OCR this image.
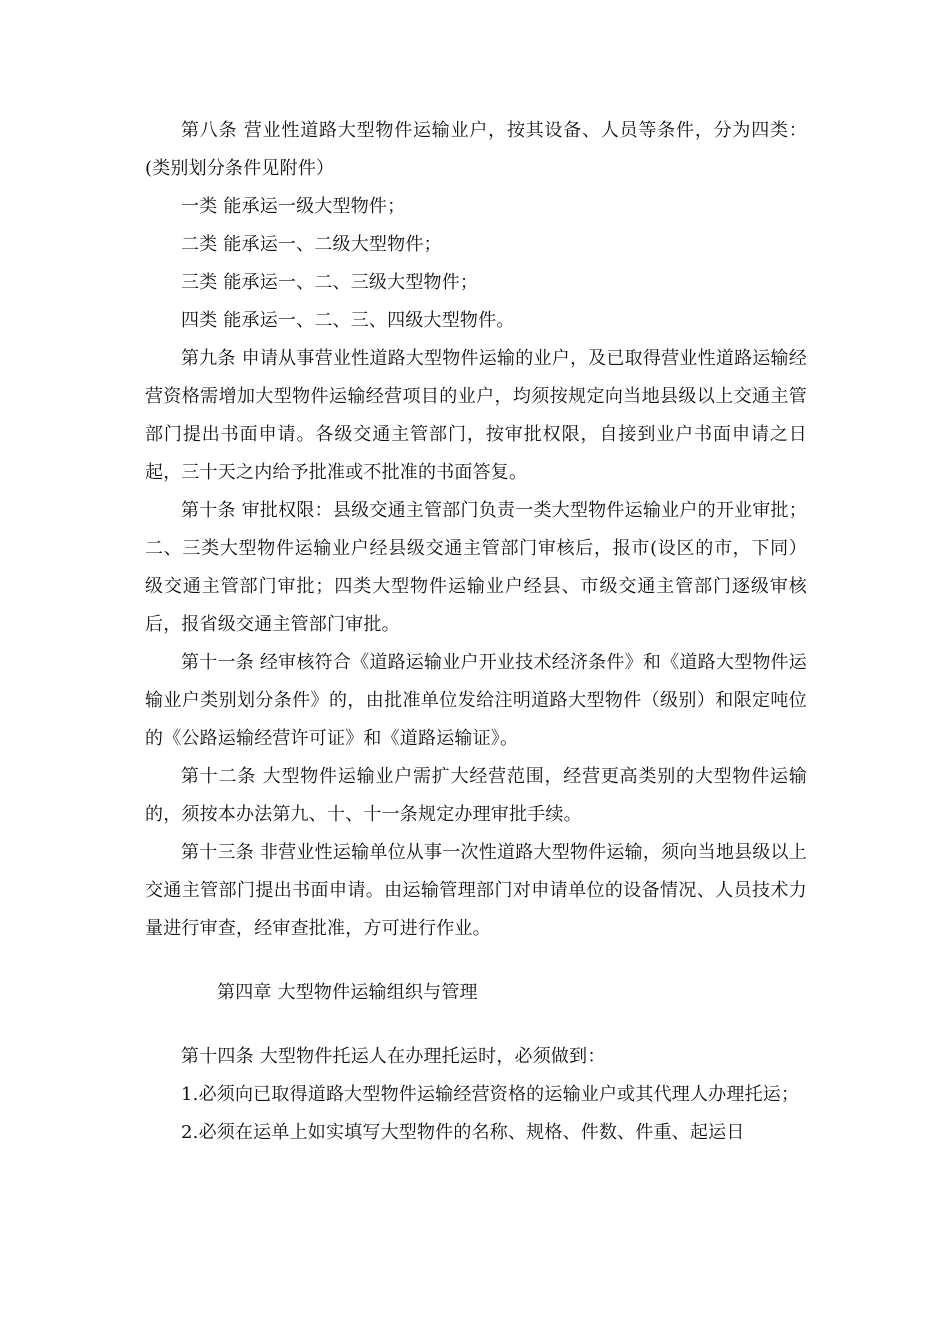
第八条 营业性道路大型物件运输业户，按其设备、人员等条件，分为四类：(类别划分条件见附件）

一类 能承运一级大型物件；

二类 能承运一、二级大型物件；

三类 能承运一、二、三级大型物件；

四类 能承运一、二、三、四级大型物件。

第九条 申请从事营业性道路大型物件运输的业户，及已取得营业性道路运输经营资格需增加大型物件运输经营项目的业户，均须按规定向当地县级以上交通主管部门提出书面申请。各级交通主管部门，按审批权限，自接到业户书面申请之日起，三十天之内给予批准或不批准的书面答复。

第十条 审批权限：县级交通主管部门负责一类大型物件运输业户的开业审批；二、三类大型物件运输业户经县级交通主管部门审核后，报市(设区的市，下同）级交通主管部门审批；四类大型物件运输业户经县、市级交通主管部门逐级审核后，报省级交通主管部门审批。

第十一条 经审核符合《道路运输业户开业技术经济条件》和《道路大型物件运输业户类别划分条件》的，由批准单位发给注明道路大型物件（级别）和限定吨位的《公路运输经营许可证》和《道路运输证》。

第十二条 大型物件运输业户需扩大经营范围，经营更高类别的大型物件运输的，须按本办法第九、十、十一条规定办理审批手续。

第十三条 非营业性运输单位从事一次性道路大型物件运输，须向当地县级以上交通主管部门提出书面申请。由运输管理部门对申请单位的设备情况、人员技术力量进行审查，经审查批准，方可进行作业。

第四章 大型物件运输组织与管理

第十四条 大型物件托运人在办理托运时，必须做到：

1.必须向已取得道路大型物件运输经营资格的运输业户或其代理人办理托运；

2.必须在运单上如实填写大型物件的名称、规格、件数、件重、起运日
